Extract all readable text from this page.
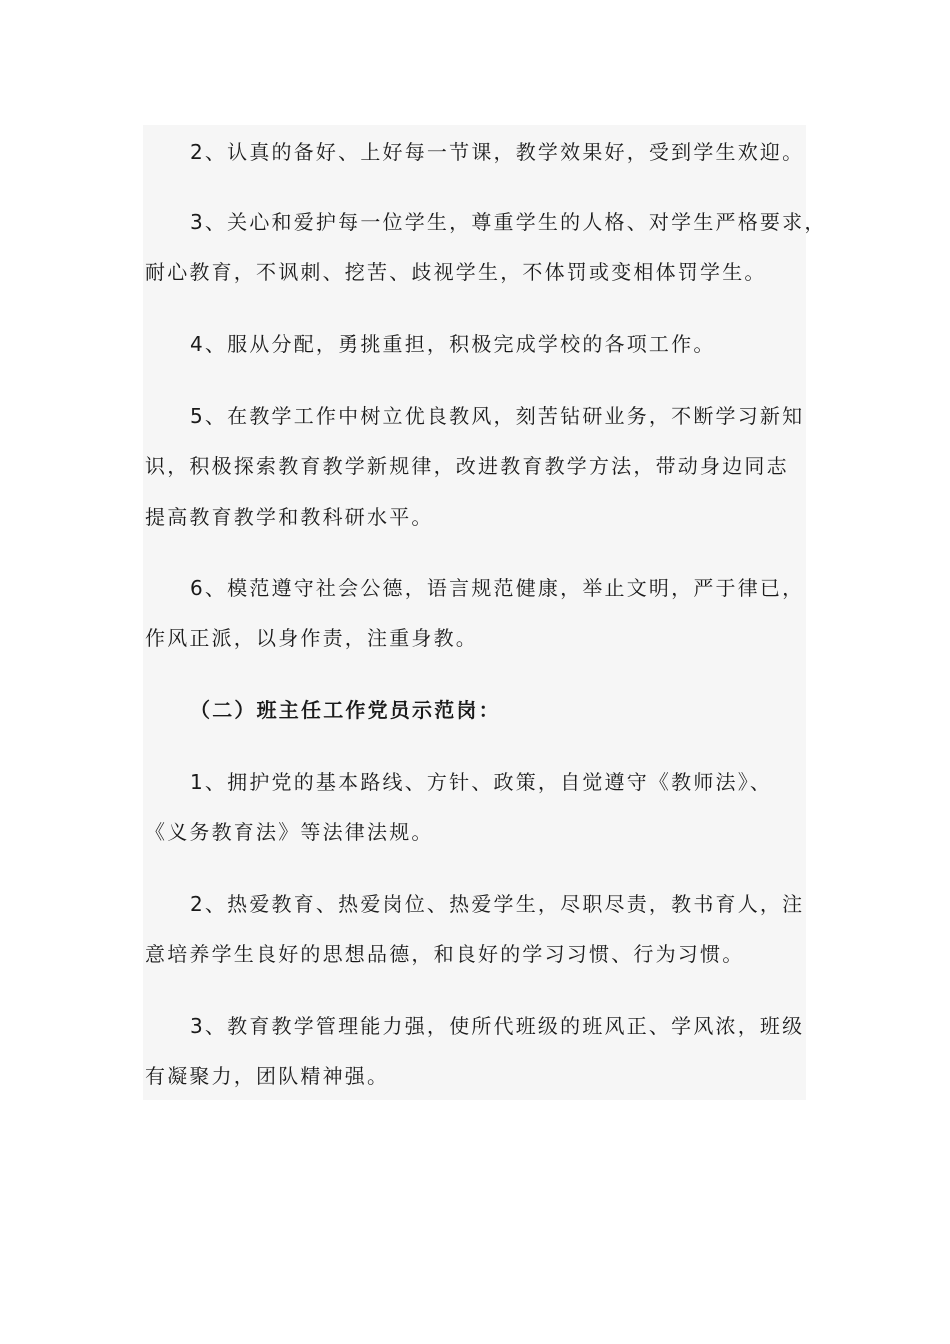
2、认真的备好、上好每一节课，教学效果好，受到学生欢迎。
3、关心和爱护每一位学生，尊重学生的人格、对学生严格要求，
耐心教育，不讽刺、挖苦、歧视学生，不体罚或变相体罚学生。
4、服从分配，勇挑重担，积极完成学校的各项工作。
5、在教学工作中树立优良教风，刻苦钻研业务，不断学习新知
识，积极探索教育教学新规律，改进教育教学方法，带动身边同志
提高教育教学和教科研水平。
6、模范遵守社会公德，语言规范健康，举止文明，严于律已，
作风正派，以身作责，注重身教。
（二）班主任工作党员示范岗：
1、拥护党的基本路线、方针、政策，自觉遵守《教师法》、
《义务教育法》等法律法规。
2、热爱教育、热爱岗位、热爱学生，尽职尽责，教书育人，注
意培养学生良好的思想品德，和良好的学习习惯、行为习惯。
3、教育教学管理能力强，使所代班级的班风正、学风浓，班级
有凝聚力，团队精神强。
